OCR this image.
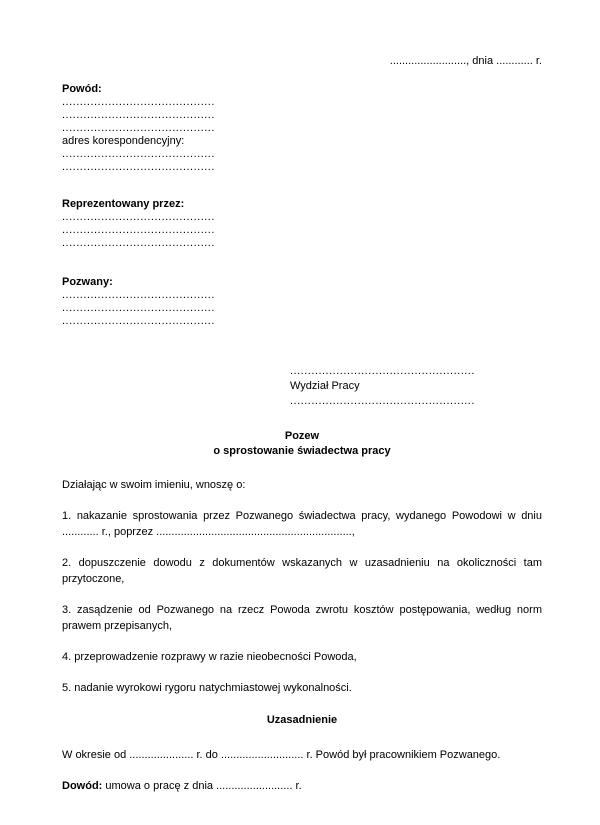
........................., dnia ............ r.
Powód:
...........................................
...........................................
...........................................
adres korespondencyjny:
...........................................
...........................................
Reprezentowany przez:
...........................................
...........................................
...........................................
Pozwany:
...........................................
...........................................
...........................................
....................................................
Wydział Pracy
....................................................
Pozew
o sprostowanie świadectwa pracy
Działając w swoim imieniu, wnoszę o:
1. nakazanie sprostowania przez Pozwanego świadectwa pracy, wydanego Powodowi w dniu ............ r., poprzez ................................................................,
2. dopuszczenie dowodu z dokumentów wskazanych w uzasadnieniu na okoliczności tam przytoczone,
3. zasądzenie od Pozwanego na rzecz Powoda zwrotu kosztów postępowania, według norm prawem przepisanych,
4. przeprowadzenie rozprawy w razie nieobecności Powoda,
5. nadanie wyrokowi rygoru natychmiastowej wykonalności.
Uzasadnienie
W okresie od ..................... r. do ........................... r. Powód był pracownikiem Pozwanego.
Dowód: umowa o pracę z dnia ......................... r.
